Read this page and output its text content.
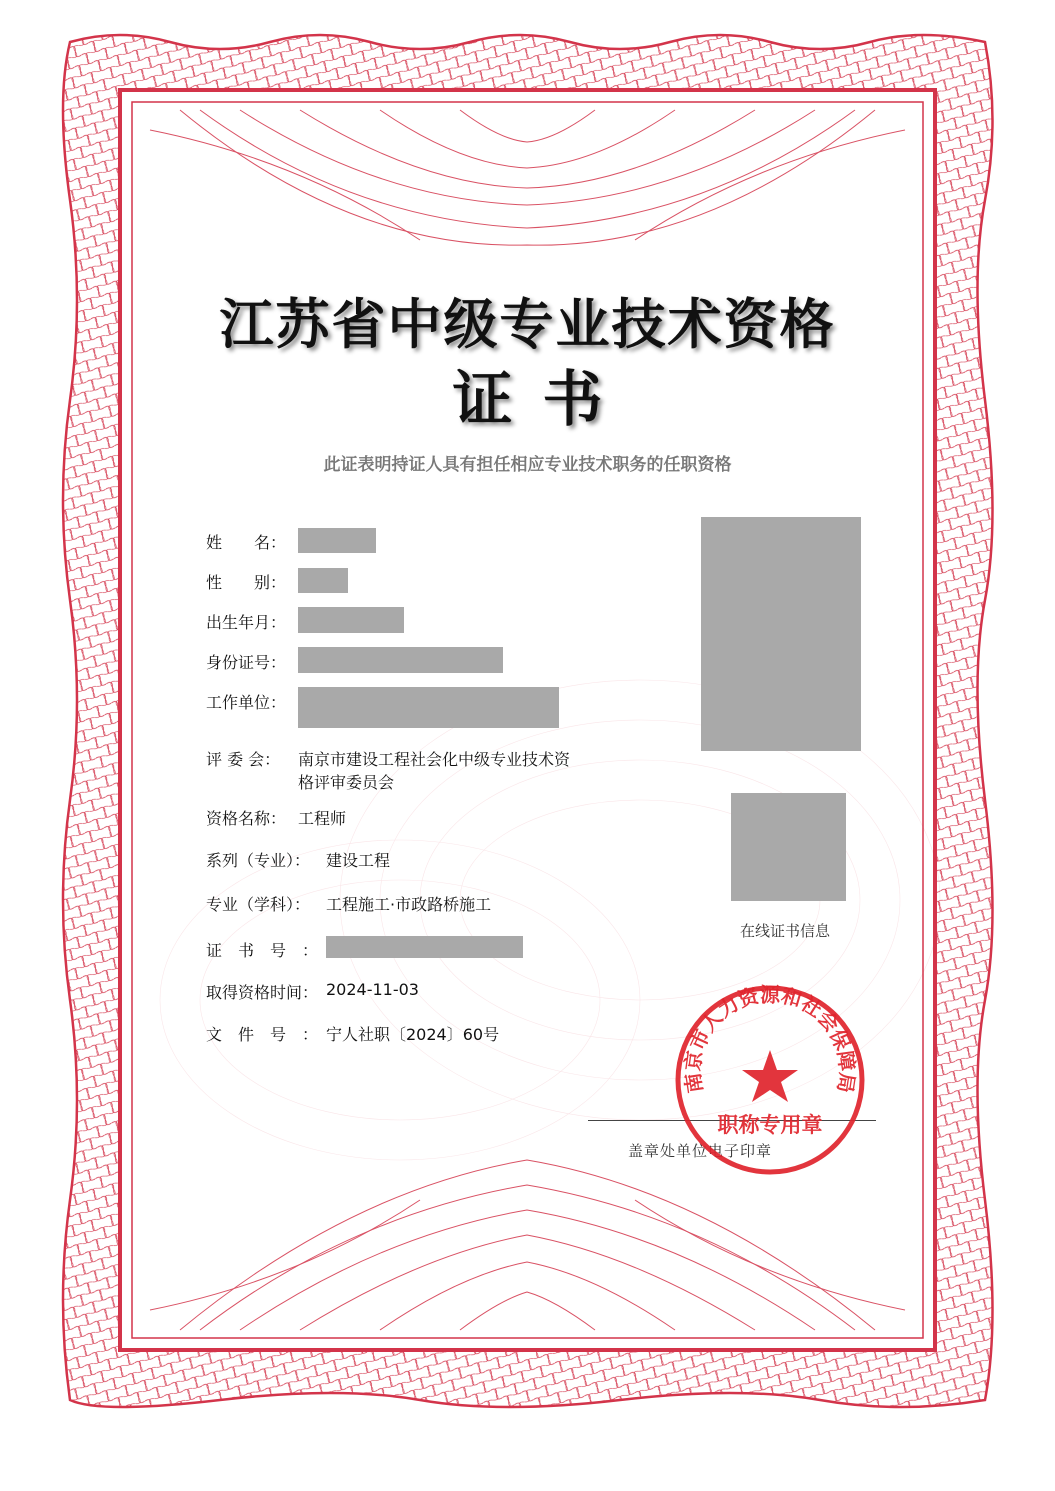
江苏省中级专业技术资格
证书
此证表明持证人具有担任相应专业技术职务的任职资格
姓　　名：
性　　别：
出生年月：
身份证号：
工作单位：
评 委 会： 南京市建设工程社会化中级专业技术资
格评审委员会
资格名称： 工程师
系列（专业）： 建设工程
专业（学科）： 工程施工·市政路桥施工
证　书　号　：
取得资格时间： 2024-11-03
文　件　号　： 宁人社职〔2024〕60号
在线证书信息
盖章处单位电子印章
南京市人力资源和社会保障局
职称专用章
